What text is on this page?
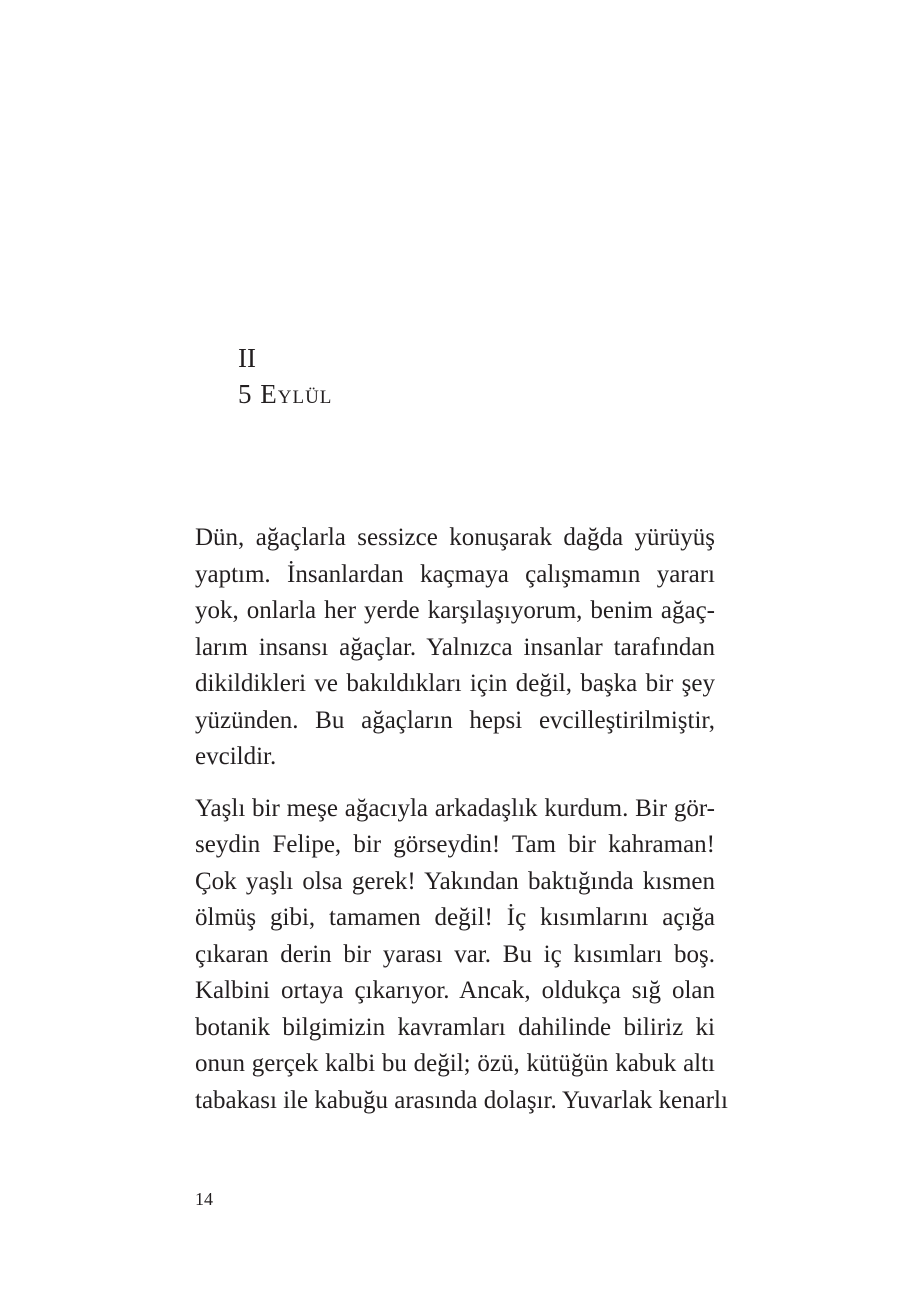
II
5 Eylül
Dün, ağaçlarla sessizce konuşarak dağda yürüyüş
yaptım. İnsanlardan kaçmaya çalışmamın yararı
yok, onlarla her yerde karşılaşıyorum, benim ağaç-
larım insansı ağaçlar. Yalnızca insanlar tarafından
dikildikleri ve bakıldıkları için değil, başka bir şey
yüzünden. Bu ağaçların hepsi evcilleştirilmiştir,
evcildir.
Yaşlı bir meşe ağacıyla arkadaşlık kurdum. Bir gör-
seydin Felipe, bir görseydin! Tam bir kahraman!
Çok yaşlı olsa gerek! Yakından baktığında kısmen
ölmüş gibi, tamamen değil! İç kısımlarını açığa
çıkaran derin bir yarası var. Bu iç kısımları boş.
Kalbini ortaya çıkarıyor. Ancak, oldukça sığ olan
botanik bilgimizin kavramları dahilinde biliriz ki
onun gerçek kalbi bu değil; özü, kütüğün kabuk altı
tabakası ile kabuğu arasında dolaşır. Yuvarlak kenarlı
14
